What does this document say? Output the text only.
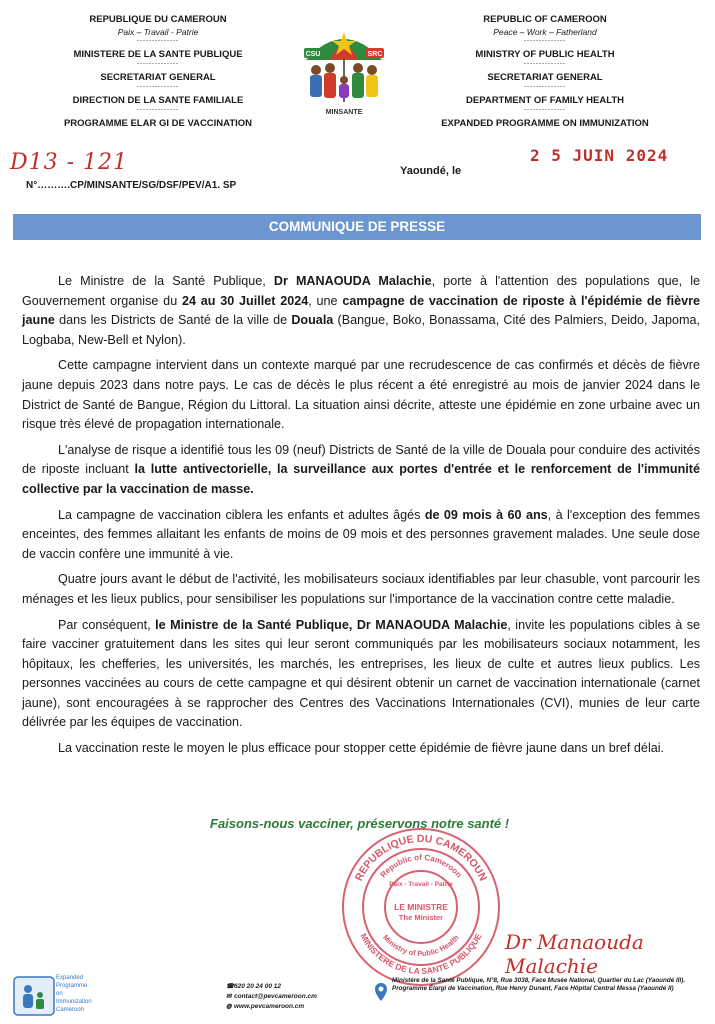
REPUBLIQUE DU CAMEROUN
Paix – Travail - Patrie
--------------
MINISTERE DE LA SANTE PUBLIQUE
--------------
SECRETARIAT GENERAL
--------------
DIRECTION DE LA SANTE FAMILIALE
--------------
PROGRAMME ELAR GI DE VACCINATION
CSU	SRC
MINSANTE
REPUBLIC OF CAMEROON
Peace – Work – Fatherland
--------------
MINISTRY OF PUBLIC HEALTH
--------------
SECRETARIAT GENERAL
--------------
DEPARTMENT OF FAMILY HEALTH
--------------
EXPANDED PROGRAMME ON IMMUNIZATION
D13 - 121
N°……….CP/MINSANTE/SG/DSF/PEV/A1. SP
Yaoundé, le
2 5 JUIN 2024
COMMUNIQUE DE PRESSE

Le Ministre de la Santé Publique, Dr MANAOUDA Malachie, porte à l'attention des populations que, le Gouvernement organise du 24 au 30 Juillet 2024, une campagne de vaccination de riposte à l'épidémie de fièvre jaune dans les Districts de Santé de la ville de Douala (Bangue, Boko, Bonassama, Cité des Palmiers, Deido, Japoma, Logbaba, New-Bell et Nylon).

Cette campagne intervient dans un contexte marqué par une recrudescence de cas confirmés et décès de fièvre jaune depuis 2023 dans notre pays. Le cas de décès le plus récent a été enregistré au mois de janvier 2024 dans le District de Santé de Bangue, Région du Littoral. La situation ainsi décrite, atteste une épidémie en zone urbaine avec un risque très élevé de propagation internationale.

L'analyse de risque a identifié tous les 09 (neuf) Districts de Santé de la ville de Douala pour conduire des activités de riposte incluant la lutte antivectorielle, la surveillance aux portes d'entrée et le renforcement de l'immunité collective par la vaccination de masse.

La campagne de vaccination ciblera les enfants et adultes âgés de 09 mois à 60 ans, à l'exception des femmes enceintes, des femmes allaitant les enfants de moins de 09 mois et des personnes gravement malades. Une seule dose de vaccin confère une immunité à vie.

Quatre jours avant le début de l'activité, les mobilisateurs sociaux identifiables par leur chasuble, vont parcourir les ménages et les lieux publics, pour sensibiliser les populations sur l'importance de la vaccination contre cette maladie.

Par conséquent, le Ministre de la Santé Publique, Dr MANAOUDA Malachie, invite les populations cibles à se faire vacciner gratuitement dans les sites qui leur seront communiqués par les mobilisateurs sociaux notamment, les hôpitaux, les chefferies, les universités, les marchés, les entreprises, les lieux de culte et autres lieux publics. Les personnes vaccinées au cours de cette campagne et qui désirent obtenir un carnet de vaccination internationale (carnet jaune), sont encouragées à se rapprocher des Centres des Vaccinations Internationales (CVI), munies de leur carte délivrée par les équipes de vaccination.

La vaccination reste le moyen le plus efficace pour stopper cette épidémie de fièvre jaune dans un bref délai.

Faisons-nous vacciner, préservons notre santé !
REPUBLIQUE DU CAMEROUN
MINISTERE DE LA SANTE PUBLIQUE
Republic of Cameroon
Ministry of Public Health
Paix - Travail - Patrie
LE MINISTRE
The Minister
Dr Manaouda Malachie
Expanded
Programme
on
Immunization
Cameroon
☎620 20 24 00 12
✉ contact@pevcameroon.cm
◍ www.pevcameroon.cm
Ministère de la Santé Publique, N°8, Rue 3038, Face Musée National, Quartier du Lac (Yaoundé III).
Programme Élargi de Vaccination, Rue Henry Dunant, Face Hôpital Central Messa (Yaoundé II)
